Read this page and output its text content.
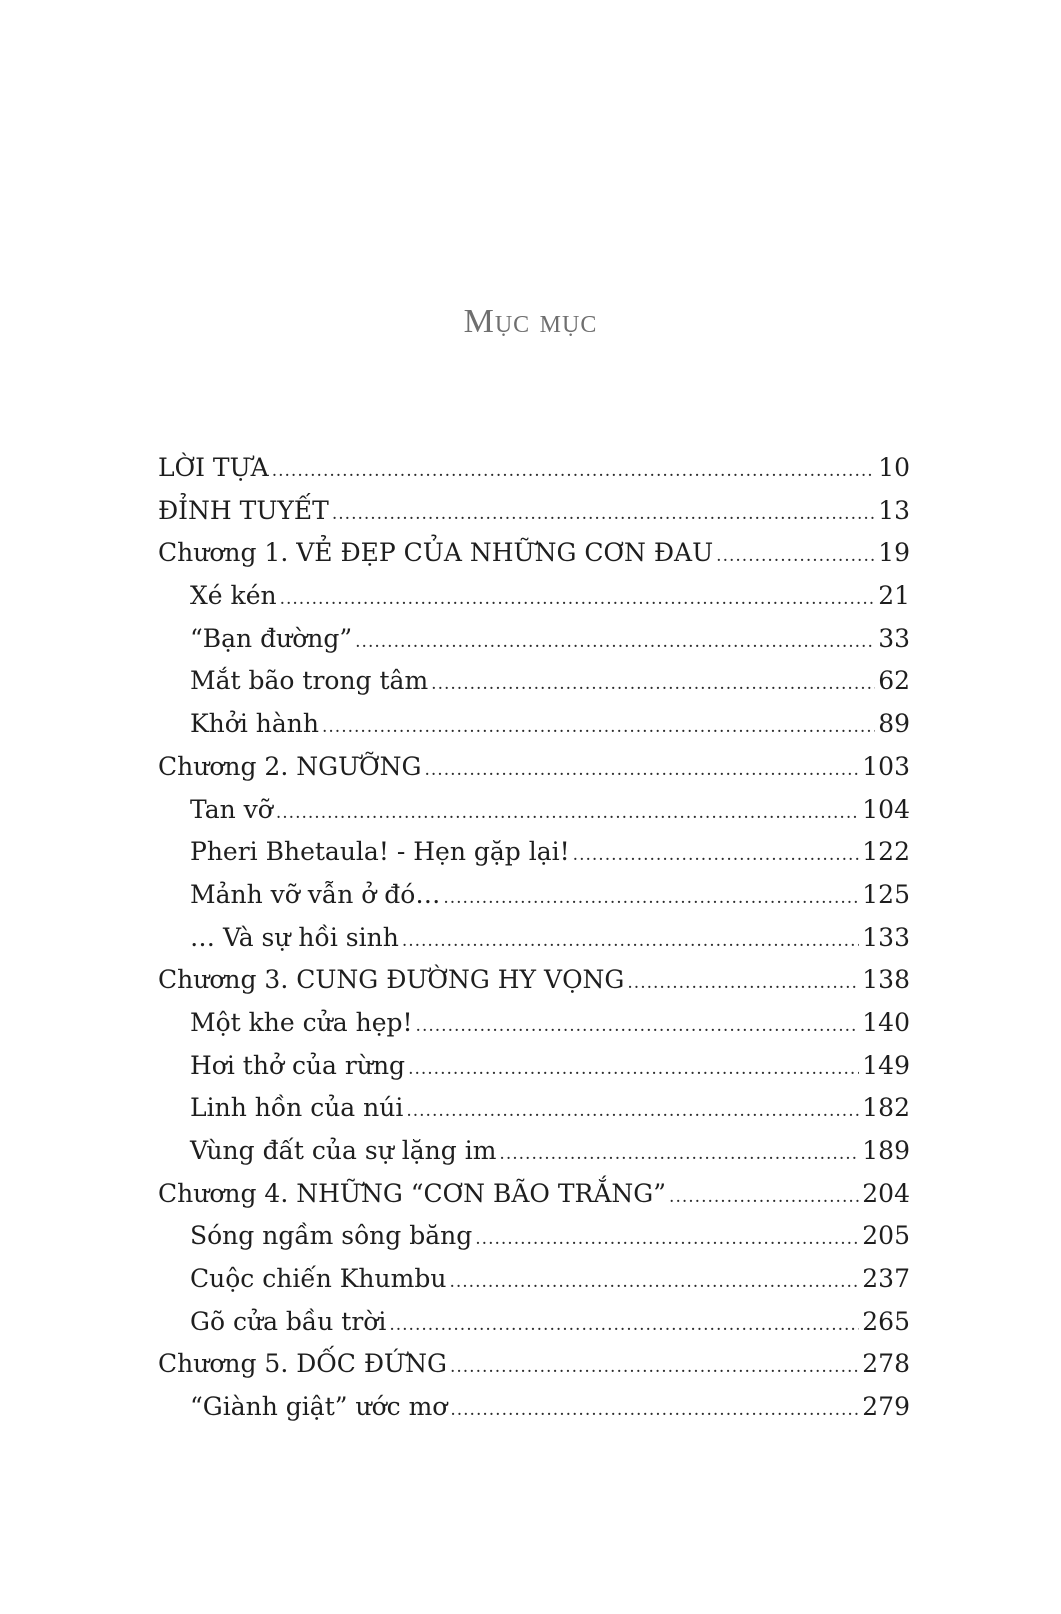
Mục mục
LỜI TỰA .....	10
ĐỈNH TUYẾT .....	13
Chương 1. VẺ ĐẸP CỦA NHỮNG CƠN ĐAU .....	19
Xé kén .....	21
“Bạn đường” .....	33
Mắt bão trong tâm .....	62
Khởi hành .....	89
Chương 2. NGƯỠNG .....	103
Tan vỡ .....	104
Pheri Bhetaula! - Hẹn gặp lại! .....	122
Mảnh vỡ vẫn ở đó… .....	125
… Và sự hồi sinh .....	133
Chương 3. CUNG ĐƯỜNG HY VỌNG .....	138
Một khe cửa hẹp! .....	140
Hơi thở của rừng .....	149
Linh hồn của núi .....	182
Vùng đất của sự lặng im .....	189
Chương 4. NHỮNG “CƠN BÃO TRẮNG” .....	204
Sóng ngầm sông băng .....	205
Cuộc chiến Khumbu .....	237
Gõ cửa bầu trời .....	265
Chương 5. DỐC ĐỨNG .....	278
“Giành giật” ước mơ .....	279
